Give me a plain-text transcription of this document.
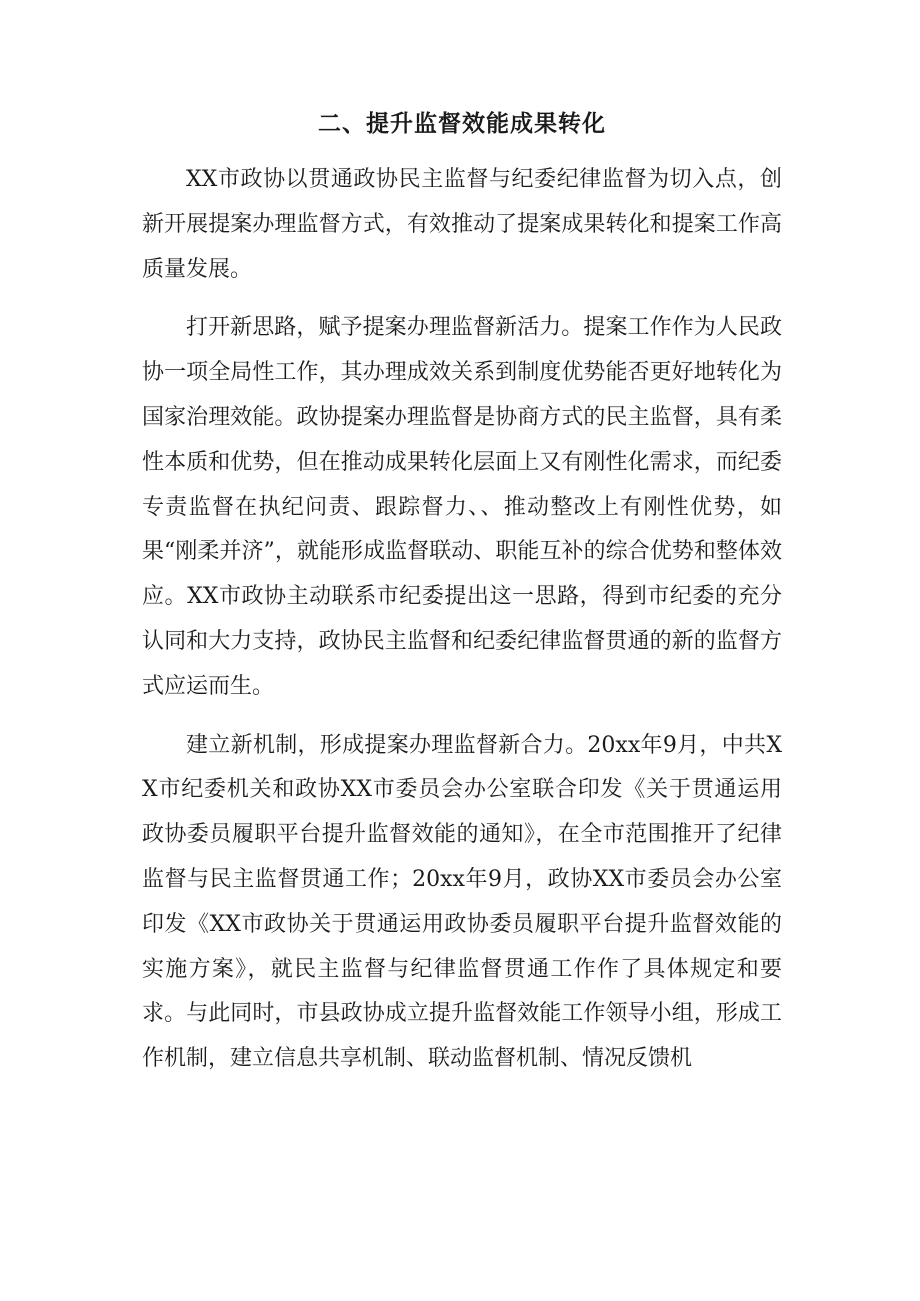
二、提升监督效能成果转化

XX市政协以贯通政协民主监督与纪委纪律监督为切入点，创新开展提案办理监督方式，有效推动了提案成果转化和提案工作高质量发展。

打开新思路，赋予提案办理监督新活力。提案工作作为人民政协一项全局性工作，其办理成效关系到制度优势能否更好地转化为国家治理效能。政协提案办理监督是协商方式的民主监督，具有柔性本质和优势，但在推动成果转化层面上又有刚性化需求，而纪委专责监督在执纪问责、跟踪督力、、推动整改上有刚性优势，如果“刚柔并济”，就能形成监督联动、职能互补的综合优势和整体效应。XX市政协主动联系市纪委提出这一思路，得到市纪委的充分认同和大力支持，政协民主监督和纪委纪律监督贯通的新的监督方式应运而生。

建立新机制，形成提案办理监督新合力。20xx年9月，中共XX市纪委机关和政协XX市委员会办公室联合印发《关于贯通运用政协委员履职平台提升监督效能的通知》，在全市范围推开了纪律监督与民主监督贯通工作；20xx年9月，政协XX市委员会办公室印发《XX市政协关于贯通运用政协委员履职平台提升监督效能的实施方案》，就民主监督与纪律监督贯通工作作了具体规定和要求。与此同时，市县政协成立提升监督效能工作领导小组，形成工作机制，建立信息共享机制、联动监督机制、情况反馈机
